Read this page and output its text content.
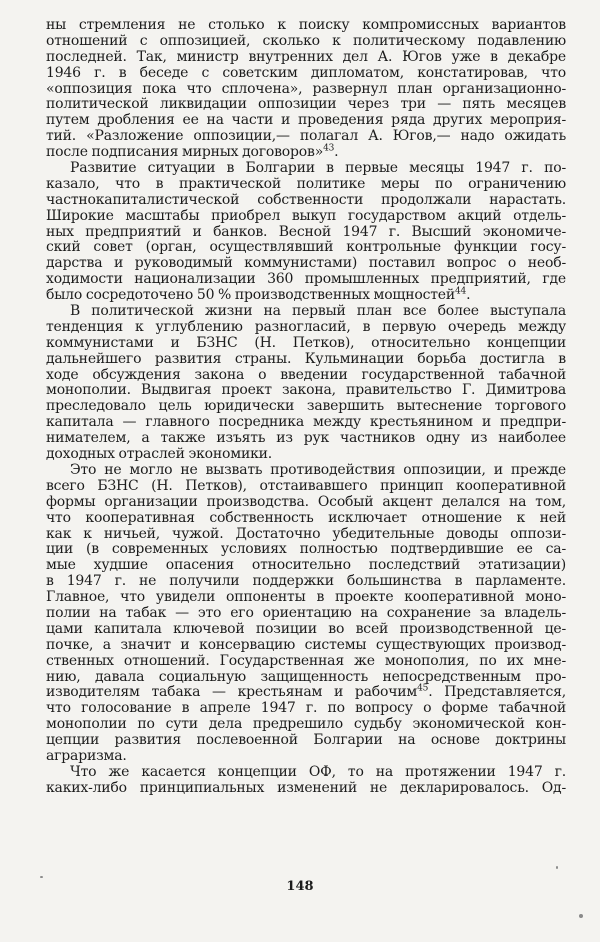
ны стремления не столько к поиску компромиссных вариантов
отношений с оппозицией, сколько к политическому подавлению
последней. Так, министр внутренних дел А. Югов уже в декабре
1946 г. в беседе с советским дипломатом, констатировав, что
«оппозиция пока что сплочена», развернул план организационно-
политической ликвидации оппозиции через три — пять месяцев
путем дробления ее на части и проведения ряда других мероприя-
тий. «Разложение оппозиции,— полагал А. Югов,— надо ожидать
после подписания мирных договоров»$^{43}$.
Развитие ситуации в Болгарии в первые месяцы 1947 г. по-
казало, что в практической политике меры по ограничению
частнокапиталистической собственности продолжали нарастать.
Широкие масштабы приобрел выкуп государством акций отдель-
ных предприятий и банков. Весной 1947 г. Высший экономиче-
ский совет (орган, осуществлявший контрольные функции госу-
дарства и руководимый коммунистами) поставил вопрос о необ-
ходимости национализации 360 промышленных предприятий, где
было сосредоточено 50 % производственных мощностей$^{44}$.
В политической жизни на первый план все более выступала
тенденция к углублению разногласий, в первую очередь между
коммунистами и БЗНС (Н. Петков), относительно концепции
дальнейшего развития страны. Кульминации борьба достигла в
ходе обсуждения закона о введении государственной табачной
монополии. Выдвигая проект закона, правительство Г. Димитрова
преследовало цель юридически завершить вытеснение торгового
капитала — главного посредника между крестьянином и предпри-
нимателем, а также изъять из рук частников одну из наиболее
доходных отраслей экономики.
Это не могло не вызвать противодействия оппозиции, и прежде
всего БЗНС (Н. Петков), отстаивавшего принцип кооперативной
формы организации производства. Особый акцент делался на том,
что кооперативная собственность исключает отношение к ней
как к ничьей, чужой. Достаточно убедительные доводы оппози-
ции (в современных условиях полностью подтвердившие ее са-
мые худшие опасения относительно последствий этатизации)
в 1947 г. не получили поддержки большинства в парламенте.
Главное, что увидели оппоненты в проекте кооперативной моно-
полии на табак — это его ориентацию на сохранение за владель-
цами капитала ключевой позиции во всей производственной це-
почке, а значит и консервацию системы существующих производ-
ственных отношений. Государственная же монополия, по их мне-
нию, давала социальную защищенность непосредственным про-
изводителям табака — крестьянам и рабочим$^{45}$. Представляется,
что голосование в апреле 1947 г. по вопросу о форме табачной
монополии по сути дела предрешило судьбу экономической кон-
цепции развития послевоенной Болгарии на основе доктрины
аграризма.
Что же касается концепции ОФ, то на протяжении 1947 г.
каких-либо принципиальных изменений не декларировалось. Од-
148
